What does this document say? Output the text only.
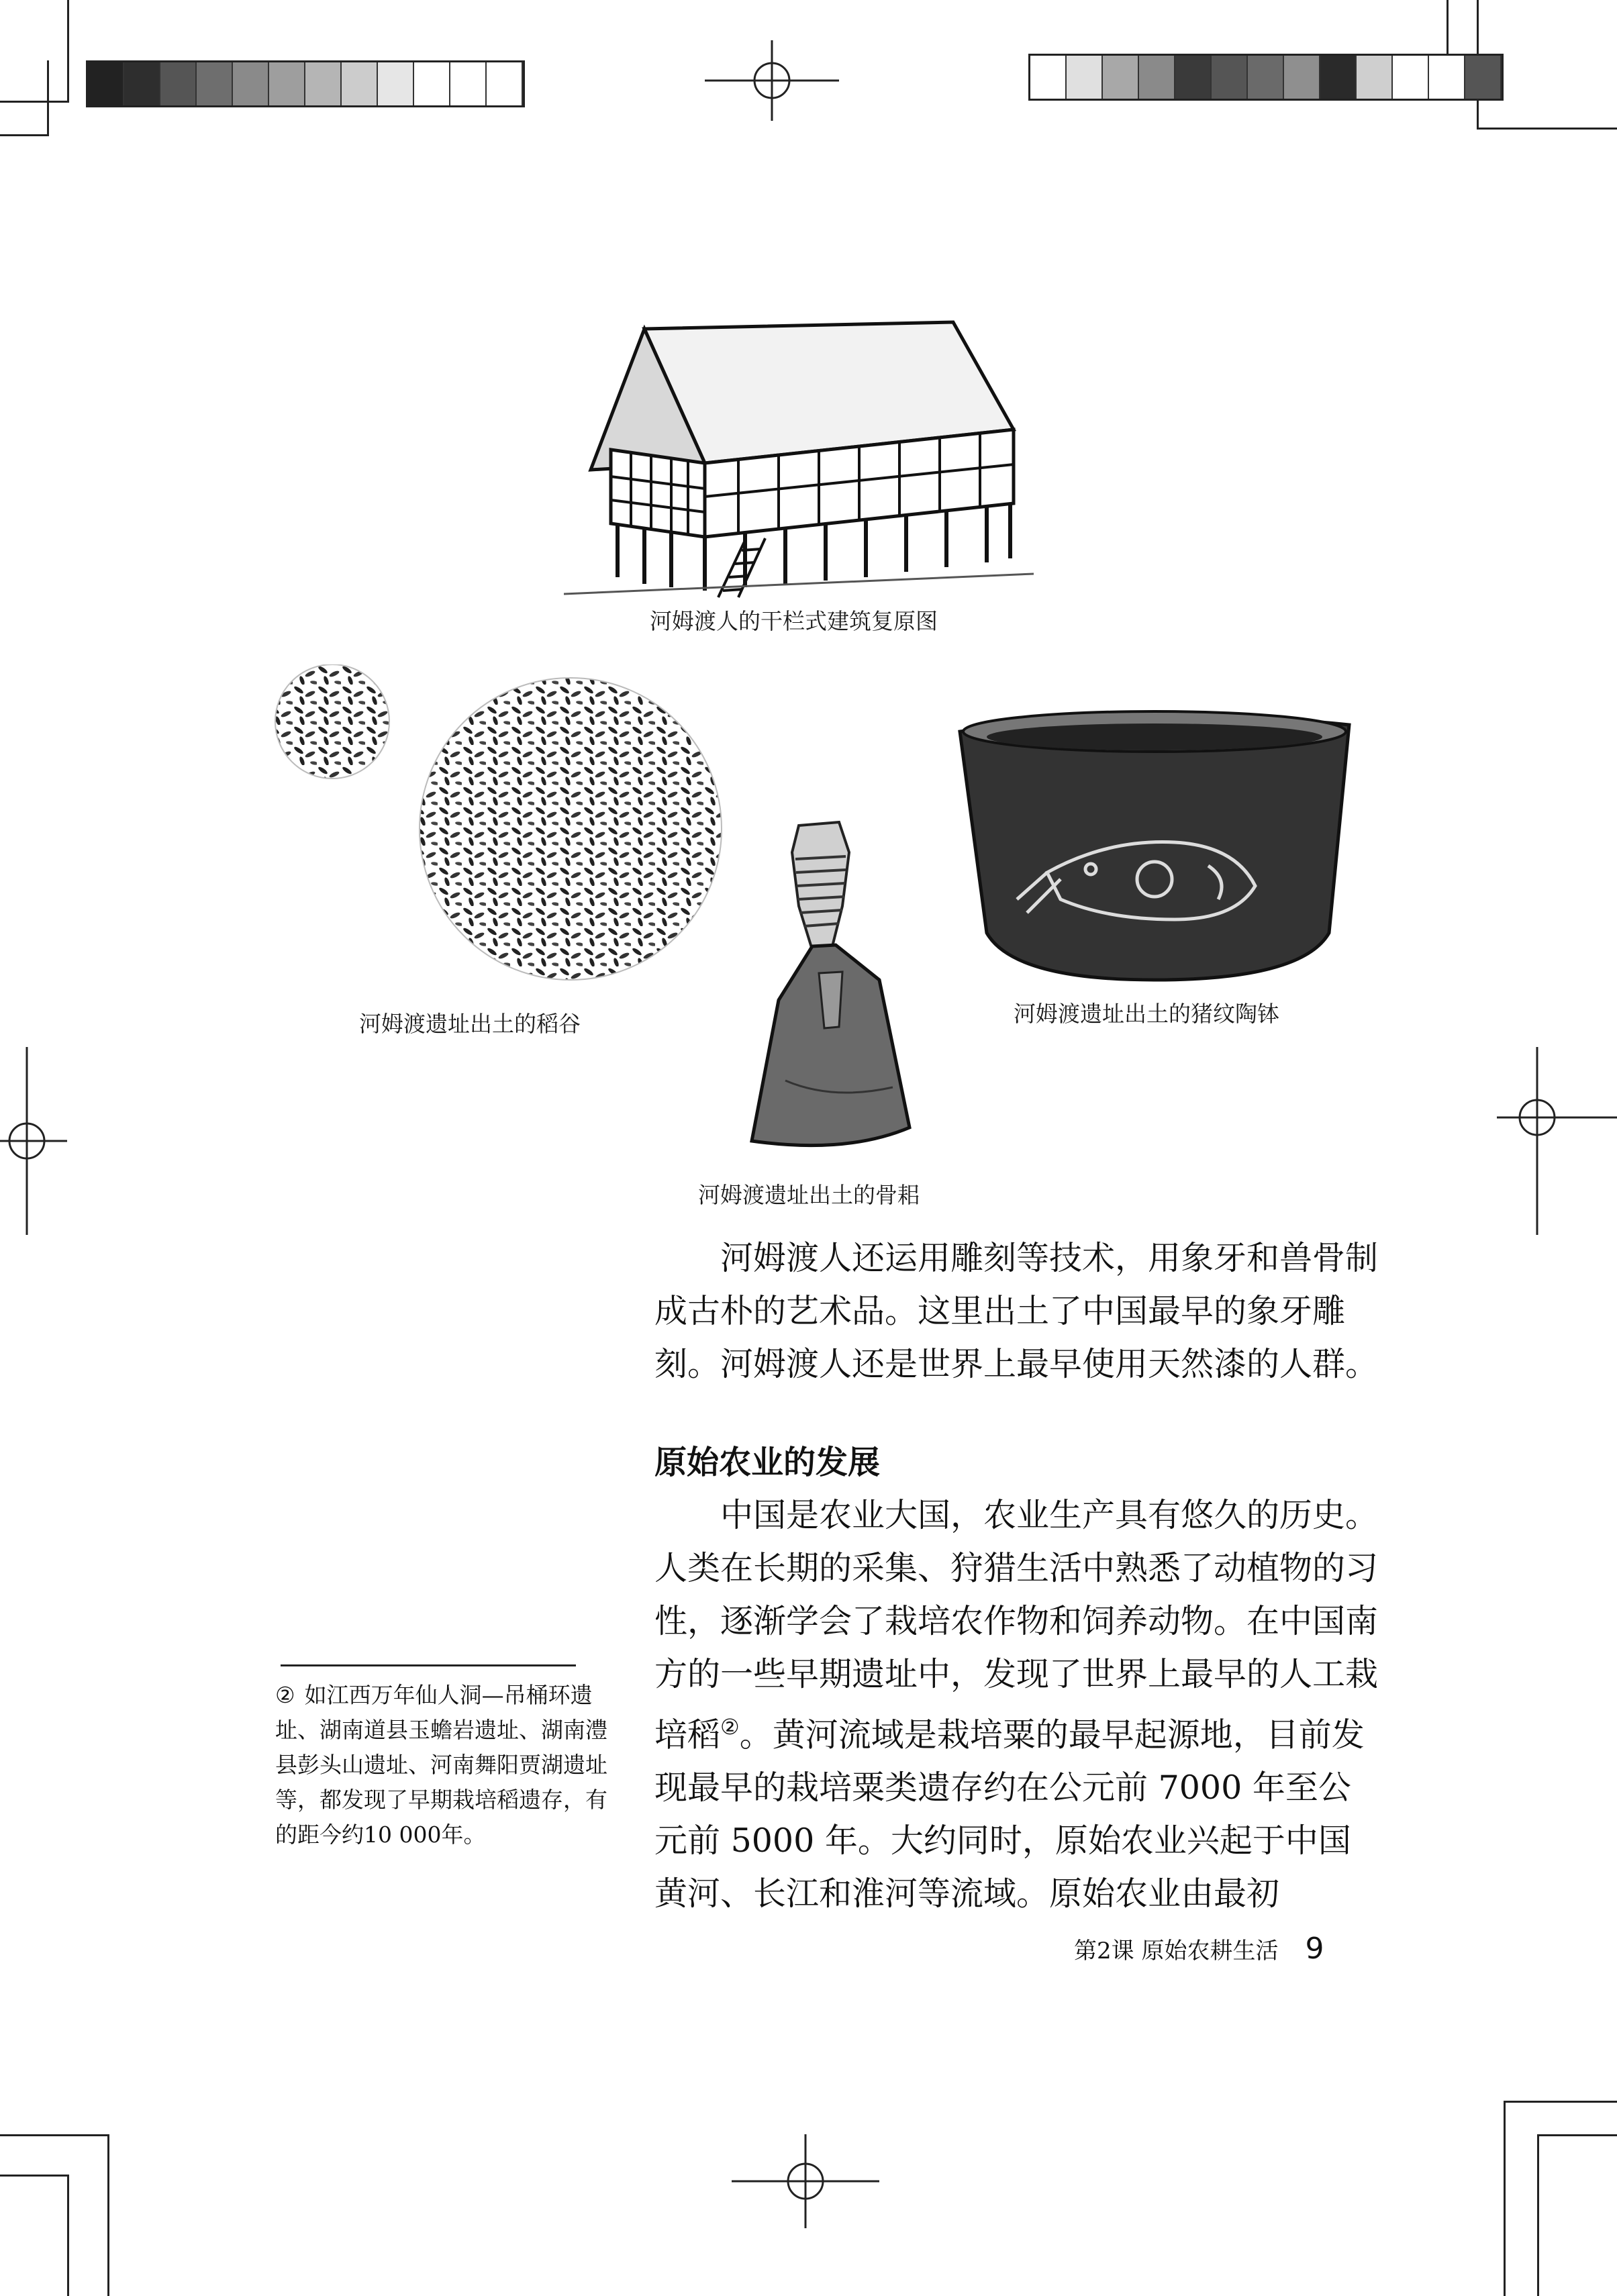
河姆渡人的干栏式建筑复原图
河姆渡遗址出土的稻谷
河姆渡遗址出土的骨耜
河姆渡遗址出土的猪纹陶钵

河姆渡人还运用雕刻等技术，用象牙和兽骨制成古朴的艺术品。这里出土了中国最早的象牙雕刻。河姆渡人还是世界上最早使用天然漆的人群。

原始农业的发展

中国是农业大国，农业生产具有悠久的历史。人类在长期的采集、狩猎生活中熟悉了动植物的习性，逐渐学会了栽培农作物和饲养动物。在中国南方的一些早期遗址中，发现了世界上最早的人工栽培稻②。黄河流域是栽培粟的最早起源地，目前发现最早的栽培粟类遗存约在公元前 7000 年至公元前 5000 年。大约同时，原始农业兴起于中国黄河、长江和淮河等流域。原始农业由最初

② 如江西万年仙人洞—吊桶环遗址、湖南道县玉蟾岩遗址、湖南澧县彭头山遗址、河南舞阳贾湖遗址等，都发现了早期栽培稻遗存，有的距今约10 000年。
第2课 原始农耕生活 9
